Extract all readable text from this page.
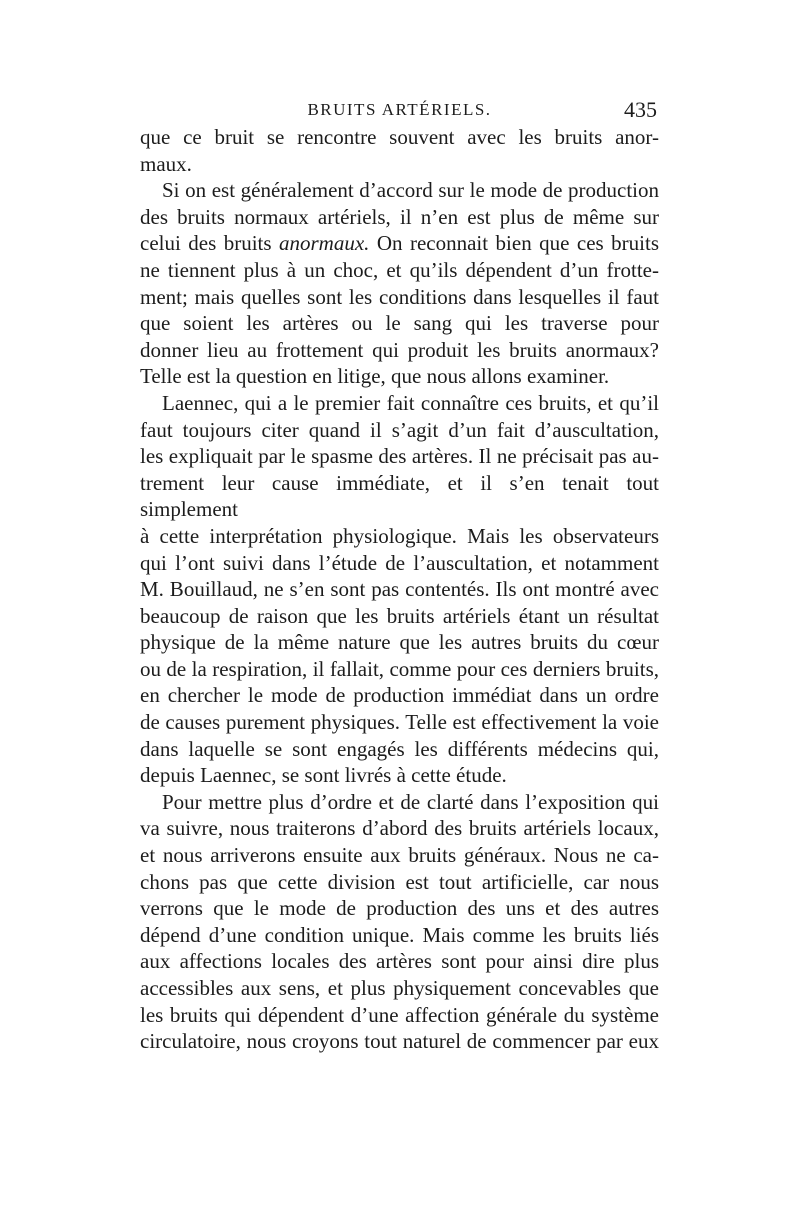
BRUITS ARTÉRIELS.	435
que ce bruit se rencontre souvent avec les bruits anor-
maux.
Si on est généralement d’accord sur le mode de production
des bruits normaux artériels, il n’en est plus de même sur
celui des bruits anormaux. On reconnait bien que ces bruits
ne tiennent plus à un choc, et qu’ils dépendent d’un frotte-
ment; mais quelles sont les conditions dans lesquelles il faut
que soient les artères ou le sang qui les traverse pour
donner lieu au frottement qui produit les bruits anormaux?
Telle est la question en litige, que nous allons examiner.
Laennec, qui a le premier fait connaître ces bruits, et qu’il
faut toujours citer quand il s’agit d’un fait d’auscultation,
les expliquait par le spasme des artères. Il ne précisait pas au-
trement leur cause immédiate, et il s’en tenait tout simplement
à cette interprétation physiologique. Mais les observateurs
qui l’ont suivi dans l’étude de l’auscultation, et notamment
M. Bouillaud, ne s’en sont pas contentés. Ils ont montré avec
beaucoup de raison que les bruits artériels étant un résultat
physique de la même nature que les autres bruits du cœur
ou de la respiration, il fallait, comme pour ces derniers bruits,
en chercher le mode de production immédiat dans un ordre
de causes purement physiques. Telle est effectivement la voie
dans laquelle se sont engagés les différents médecins qui,
depuis Laennec, se sont livrés à cette étude.
Pour mettre plus d’ordre et de clarté dans l’exposition qui
va suivre, nous traiterons d’abord des bruits artériels locaux,
et nous arriverons ensuite aux bruits généraux. Nous ne ca-
chons pas que cette division est tout artificielle, car nous
verrons que le mode de production des uns et des autres
dépend d’une condition unique. Mais comme les bruits liés
aux affections locales des artères sont pour ainsi dire plus
accessibles aux sens, et plus physiquement concevables que
les bruits qui dépendent d’une affection générale du système
circulatoire, nous croyons tout naturel de commencer par eux
